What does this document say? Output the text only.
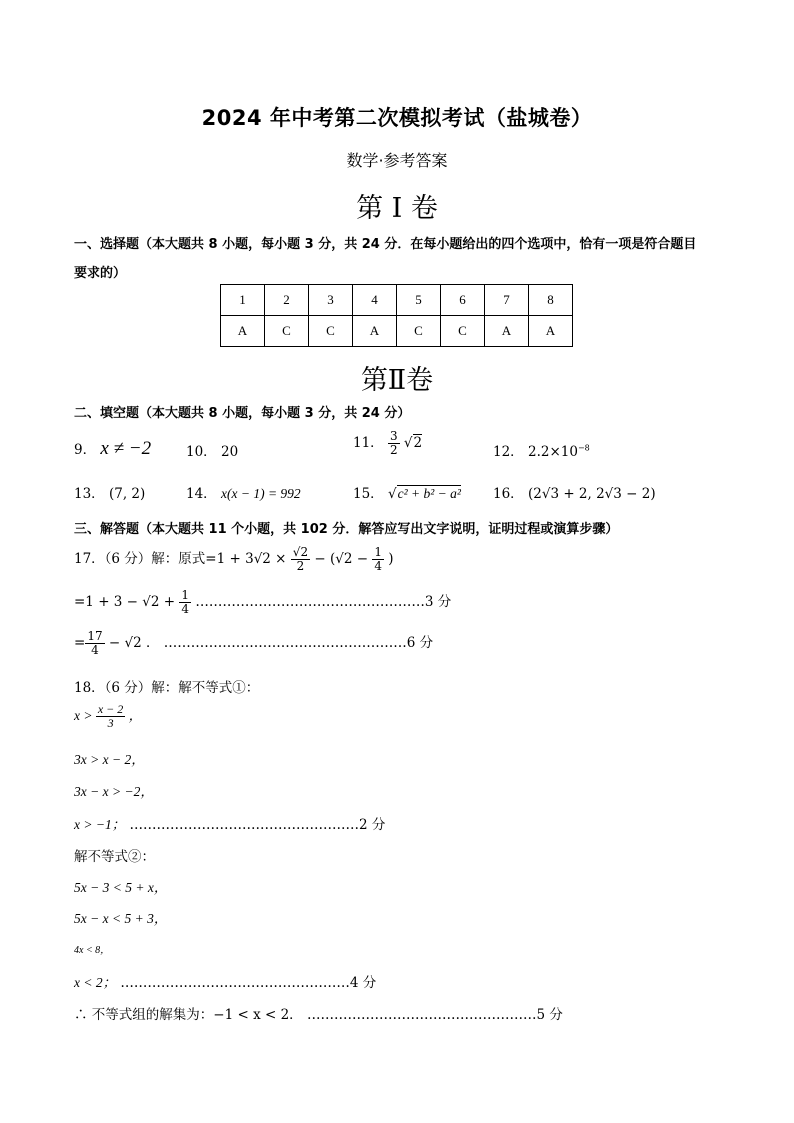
2024 年中考第二次模拟考试（盐城卷）
数学·参考答案
第 I 卷
一、选择题（本大题共 8 小题，每小题 3 分，共 24 分．在每小题给出的四个选项中，恰有一项是符合题目
要求的）
1	2	3	4	5	6	7	8
A	C	C	A	C	C	A	A
第Ⅱ卷
二、填空题（本大题共 8 小题，每小题 3 分，共 24 分）
9． x ≠ −2	10． 20
11． $\frac{3}{2} √2$
12． $2.2\times 10^{-8}$
13． (7, 2)	14． x(x − 1) = 992	15． √c² + b² − a² 16． (2√3 + 2, 2√3 − 2)
三、解答题（本大题共 11 个小题，共 102 分．解答应写出文字说明，证明过程或演算步骤）
17．（6 分）解：原式$=1 + 3√2 \times \frac{√2}{2} - (√2 - \frac{1}{4}$ )
$=1 + 3 - √2 + \frac{1}{4}$ ……………………………………………3 分
= $\frac{17}{4} - √2$ ． ………………………………………………6 分
18．（6 分）解：解不等式①：
$x > \frac{x - 2}{3}$ ，
3x > x − 2，
3x − x > −2，
x > −1； ……………………………………………2 分
解不等式②：
5x − 3 < 5 + x，
5x − x < 5 + 3，
4x < 8，
x < 2； ……………………………………………4 分
∴ 不等式组的解集为：−1 < x < 2． ……………………………………………5 分
